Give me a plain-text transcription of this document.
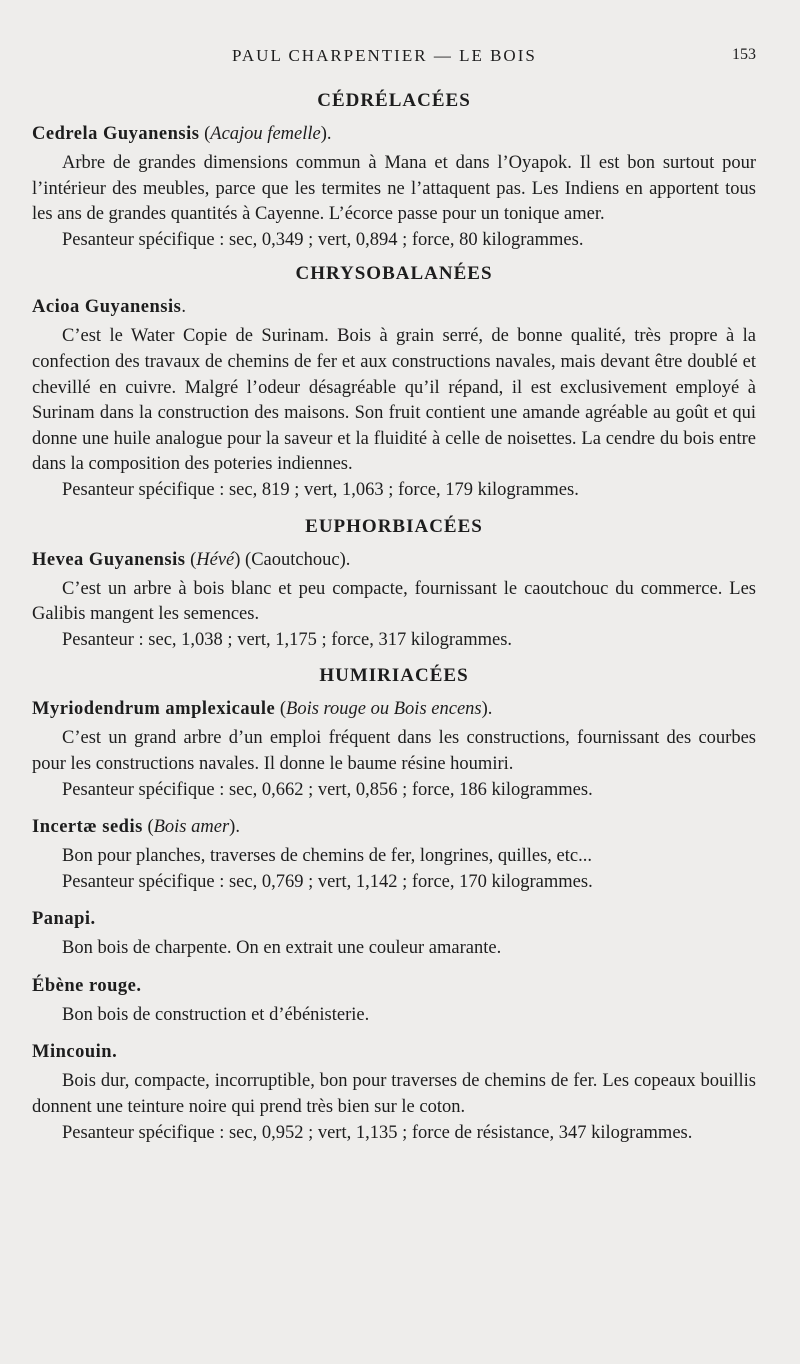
PAUL CHARPENTIER — LE BOIS	153
CÉDRÉLACÉES

Cedrela Guyanensis (Acajou femelle).

Arbre de grandes dimensions commun à Mana et dans l’Oyapok. Il est bon surtout pour l’intérieur des meubles, parce que les termites ne l’attaquent pas. Les Indiens en apportent tous les ans de grandes quantités à Cayenne. L’écorce passe pour un tonique amer.

Pesanteur spécifique : sec, 0,349 ; vert, 0,894 ; force, 80 kilogrammes.

CHRYSOBALANÉES

Acioa Guyanensis.

C’est le Water Copie de Surinam. Bois à grain serré, de bonne qualité, très propre à la confection des travaux de chemins de fer et aux constructions navales, mais devant être doublé et chevillé en cuivre. Malgré l’odeur désagréable qu’il répand, il est exclusivement employé à Surinam dans la construction des maisons. Son fruit contient une amande agréable au goût et qui donne une huile analogue pour la saveur et la fluidité à celle de noisettes. La cendre du bois entre dans la composition des poteries indiennes.

Pesanteur spécifique : sec, 819 ; vert, 1,063 ; force, 179 kilogrammes.

EUPHORBIACÉES

Hevea Guyanensis (Hévé) (Caoutchouc).

C’est un arbre à bois blanc et peu compacte, fournissant le caoutchouc du commerce. Les Galibis mangent les semences.

Pesanteur : sec, 1,038 ; vert, 1,175 ; force, 317 kilogrammes.

HUMIRIACÉES

Myriodendrum amplexicaule (Bois rouge ou Bois encens).

C’est un grand arbre d’un emploi fréquent dans les constructions, fournissant des courbes pour les constructions navales. Il donne le baume résine houmiri.

Pesanteur spécifique : sec, 0,662 ; vert, 0,856 ; force, 186 kilogrammes.

Incertæ sedis (Bois amer).

Bon pour planches, traverses de chemins de fer, longrines, quilles, etc...

Pesanteur spécifique : sec, 0,769 ; vert, 1,142 ; force, 170 kilogrammes.

Panapi.

Bon bois de charpente. On en extrait une couleur amarante.

Ébène rouge.

Bon bois de construction et d’ébénisterie.

Mincouin.

Bois dur, compacte, incorruptible, bon pour traverses de chemins de fer. Les copeaux bouillis donnent une teinture noire qui prend très bien sur le coton.

Pesanteur spécifique : sec, 0,952 ; vert, 1,135 ; force de résistance, 347 kilogrammes.
